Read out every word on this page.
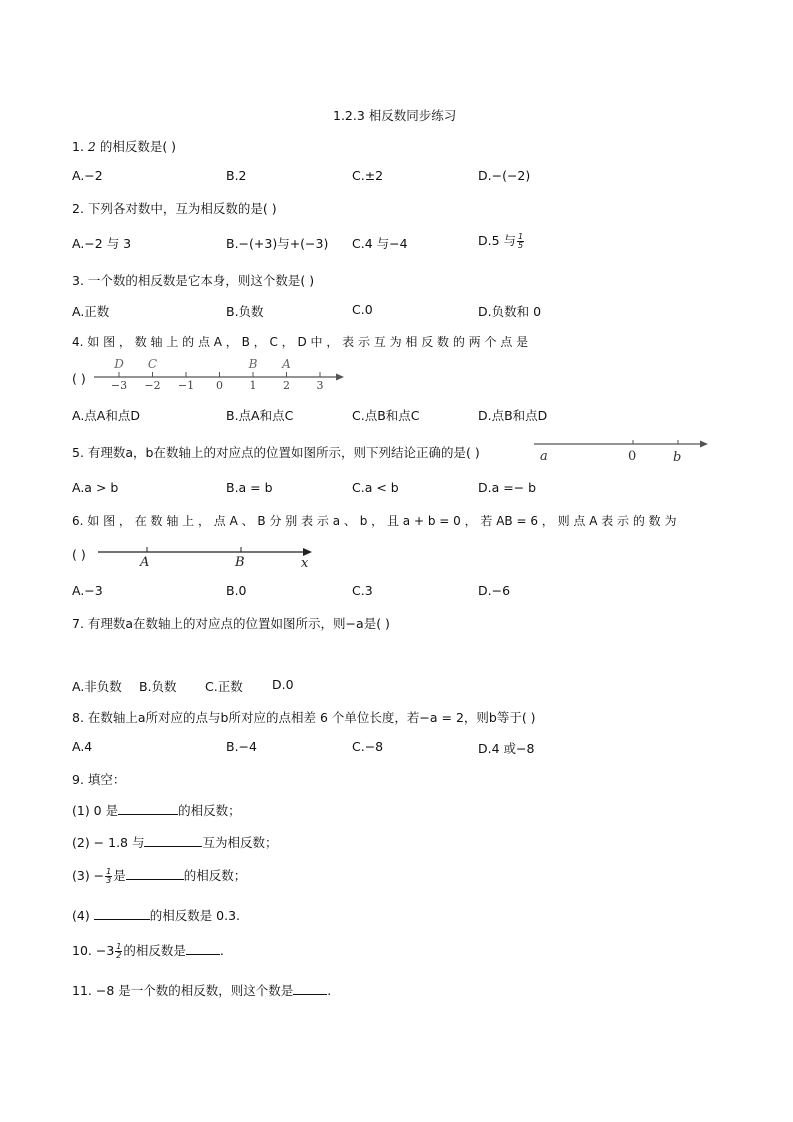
1.2.3 相反数同步练习
1. 2 的相反数是( )
A.−2	B.2	C.±2	D.−(−2)
2. 下列各对数中，互为相反数的是( )
A.−2 与 3	B.−(+3)与+(−3) C.4 与−4	D.5 与 $\frac{1}{5}$
3. 一个数的相反数是它本身，则这个数是( )
A.正数	B.负数	C.0	D.负数和 0
4. 如 图 ， 数 轴 上 的 点 A ， B ， C ， D 中 ， 表 示 互 为 相 反 数 的 两 个 点 是
( ) −3 −2 −1 0 1 2 3
D C	B A
A.点A和点D	B.点A和点C	C.点B和点C	D.点B和点D
5. 有理数a，b在数轴上的对应点的位置如图所示，则下列结论正确的是( )	a	0	b
A.a > b	B.a = b	C.a < b	D.a =− b
6. 如 图 ， 在 数 轴 上 ， 点 A 、 B 分 别 表 示 a 、 b ， 且 a + b = 0 ， 若 AB = 6 ， 则 点 A 表 示 的 数 为
( )
A	B	x
A.−3	B.0	C.3	D.−6
7. 有理数a在数轴上的对应点的位置如图所示，则−a是( )
A.非负数 B.负数 C.正数 D.0
8. 在数轴上a所对应的点与b所对应的点相差 6 个单位长度，若−a = 2，则b等于( )
A.4	B.−4	C.−8	D.4 或−8
9. 填空：
(1) 0 是	的相反数；
(2) − 1.8 与	互为相反数；
$(3) - \frac{1}{3}$ 是	的相反数；
(4)	的相反数是 0.3.
10. $-3 \frac{1}{2}$ 的相反数是	.
11. −8 是一个数的相反数，则这个数是	.
